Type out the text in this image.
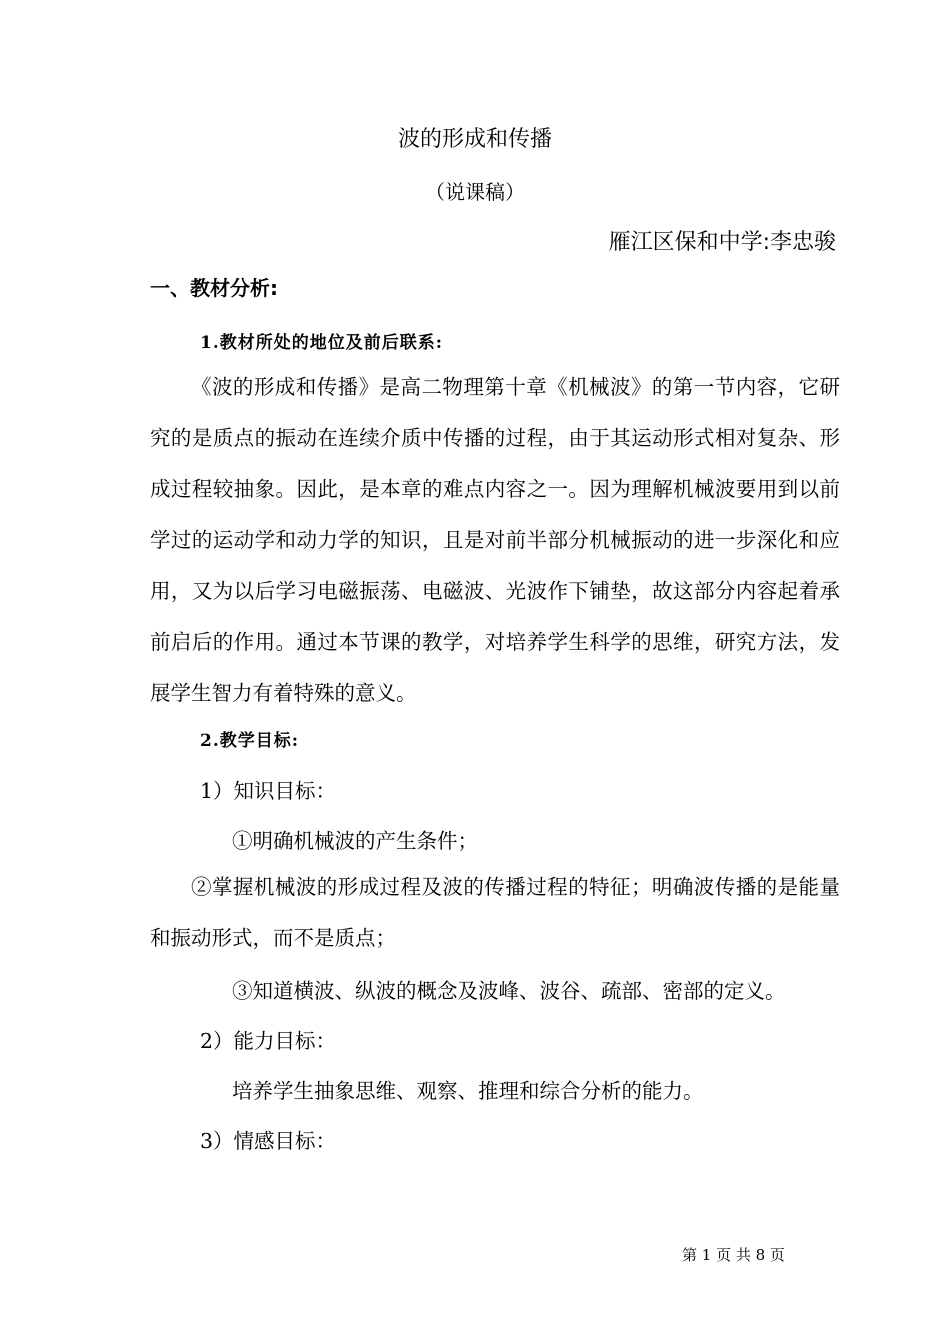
波的形成和传播
（说课稿）
雁江区保和中学:李忠骏
一、教材分析:
1.教材所处的地位及前后联系:

《波的形成和传播》是高二物理第十章《机械波》的第一节内容，它研究的是质点的振动在连续介质中传播的过程，由于其运动形式相对复杂、形成过程较抽象。因此，是本章的难点内容之一。因为理解机械波要用到以前学过的运动学和动力学的知识，且是对前半部分机械振动的进一步深化和应用，又为以后学习电磁振荡、电磁波、光波作下铺垫，故这部分内容起着承前启后的作用。通过本节课的教学，对培养学生科学的思维，研究方法，发展学生智力有着特殊的意义。

2.教学目标:
1）知识目标：
①明确机械波的产生条件；

②掌握机械波的形成过程及波的传播过程的特征；明确波传播的是能量和振动形式，而不是质点；

③知道横波、纵波的概念及波峰、波谷、疏部、密部的定义。
2）能力目标：
培养学生抽象思维、观察、推理和综合分析的能力。
3）情感目标：
第 1 页 共 8 页
